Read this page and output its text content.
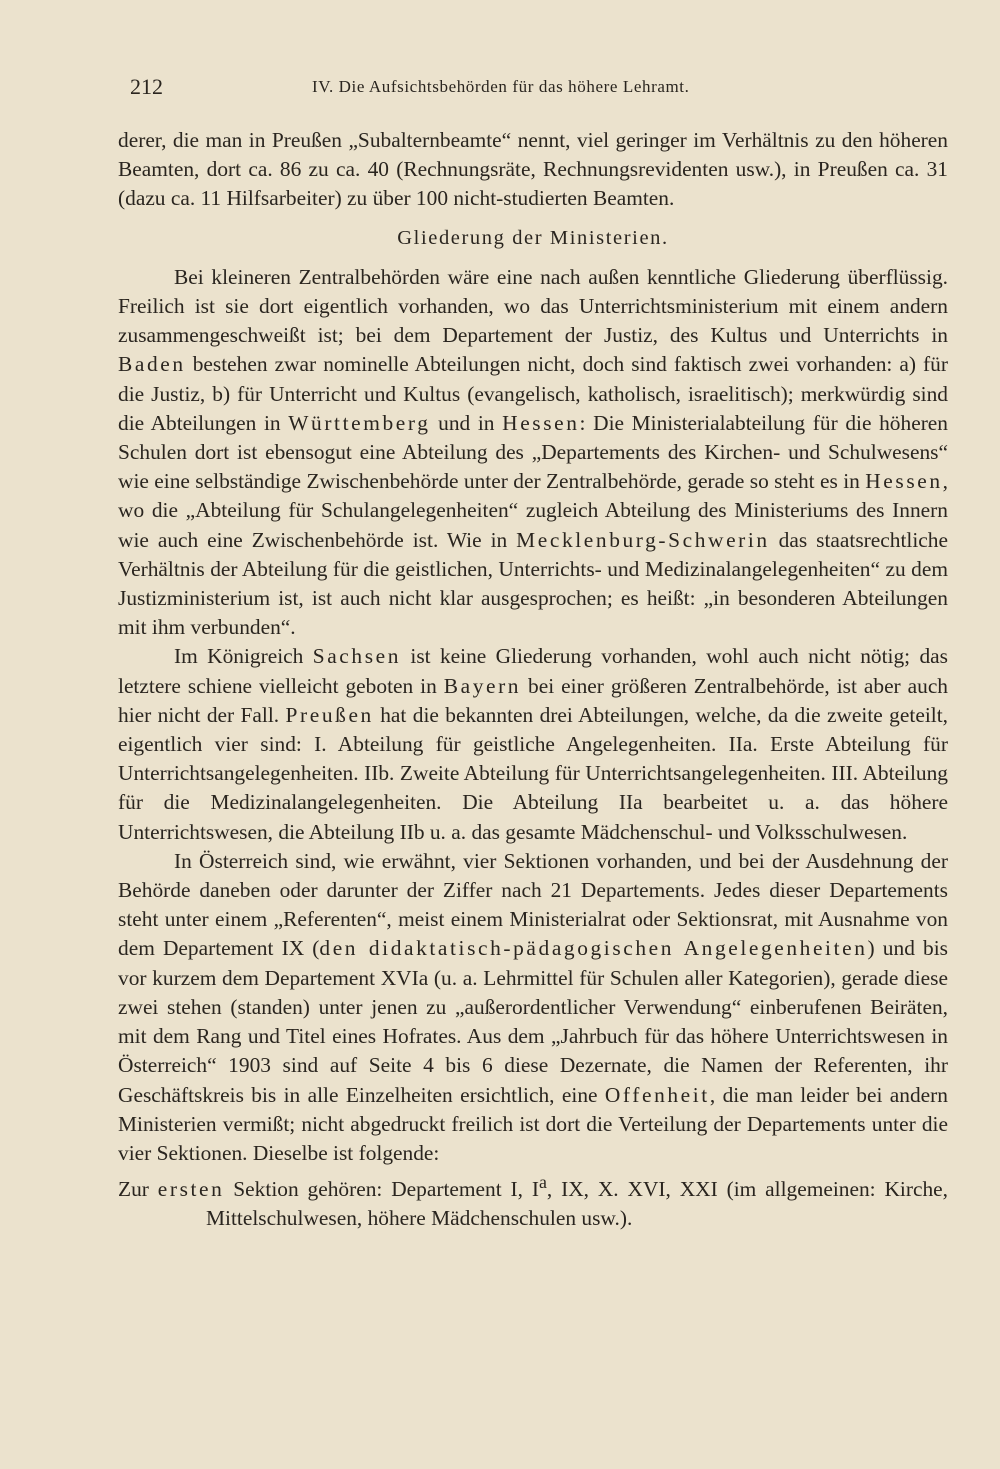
212	IV. Die Aufsichtsbehörden für das höhere Lehramt.

derer, die man in Preußen „Subalternbeamte“ nennt, viel geringer im Verhältnis zu den höheren Beamten, dort ca. 86 zu ca. 40 (Rechnungsräte, Rechnungsrevidenten usw.), in Preußen ca. 31 (dazu ca. 11 Hilfsarbeiter) zu über 100 nicht-studierten Beamten.

Gliederung der Ministerien.

Bei kleineren Zentralbehörden wäre eine nach außen kenntliche Gliederung überflüssig. Freilich ist sie dort eigentlich vorhanden, wo das Unterrichtsministerium mit einem andern zusammengeschweißt ist; bei dem Departement der Justiz, des Kultus und Unterrichts in Baden bestehen zwar nominelle Abteilungen nicht, doch sind faktisch zwei vorhanden: a) für die Justiz, b) für Unterricht und Kultus (evangelisch, katholisch, israelitisch); merkwürdig sind die Abteilungen in Württemberg und in Hessen: Die Ministerialabteilung für die höheren Schulen dort ist ebensogut eine Abteilung des „Departements des Kirchen- und Schulwesens“ wie eine selbständige Zwischenbehörde unter der Zentralbehörde, gerade so steht es in Hessen, wo die „Abteilung für Schulangelegenheiten“ zugleich Abteilung des Ministeriums des Innern wie auch eine Zwischenbehörde ist. Wie in Mecklenburg-Schwerin das staatsrechtliche Verhältnis der Abteilung für die geistlichen, Unterrichts- und Medizinalangelegenheiten“ zu dem Justizministerium ist, ist auch nicht klar ausgesprochen; es heißt: „in besonderen Abteilungen mit ihm verbunden“.

Im Königreich Sachsen ist keine Gliederung vorhanden, wohl auch nicht nötig; das letztere schiene vielleicht geboten in Bayern bei einer größeren Zentralbehörde, ist aber auch hier nicht der Fall. Preußen hat die bekannten drei Abteilungen, welche, da die zweite geteilt, eigentlich vier sind: I. Abteilung für geistliche Angelegenheiten. IIa. Erste Abteilung für Unterrichtsangelegenheiten. IIb. Zweite Abteilung für Unterrichtsangelegenheiten. III. Abteilung für die Medizinalangelegenheiten. Die Abteilung IIa bearbeitet u. a. das höhere Unterrichtswesen, die Abteilung IIb u. a. das gesamte Mädchenschul- und Volksschulwesen.

In Österreich sind, wie erwähnt, vier Sektionen vorhanden, und bei der Ausdehnung der Behörde daneben oder darunter der Ziffer nach 21 Departements. Jedes dieser Departements steht unter einem „Referenten“, meist einem Ministerialrat oder Sektionsrat, mit Ausnahme von dem Departement IX (den didaktatisch-pädagogischen Angelegenheiten) und bis vor kurzem dem Departement XVIa (u. a. Lehrmittel für Schulen aller Kategorien), gerade diese zwei stehen (standen) unter jenen zu „außerordentlicher Verwendung“ einberufenen Beiräten, mit dem Rang und Titel eines Hofrates. Aus dem „Jahrbuch für das höhere Unterrichtswesen in Österreich“ 1903 sind auf Seite 4 bis 6 diese Dezernate, die Namen der Referenten, ihr Geschäftskreis bis in alle Einzelheiten ersichtlich, eine Offenheit, die man leider bei andern Ministerien vermißt; nicht abgedruckt freilich ist dort die Verteilung der Departements unter die vier Sektionen. Dieselbe ist folgende:

Zur ersten Sektion gehören: Departement I, $I^a$, IX, X. XVI, XXI (im allgemeinen: Kirche, Mittelschulwesen, höhere Mädchenschulen usw.).
